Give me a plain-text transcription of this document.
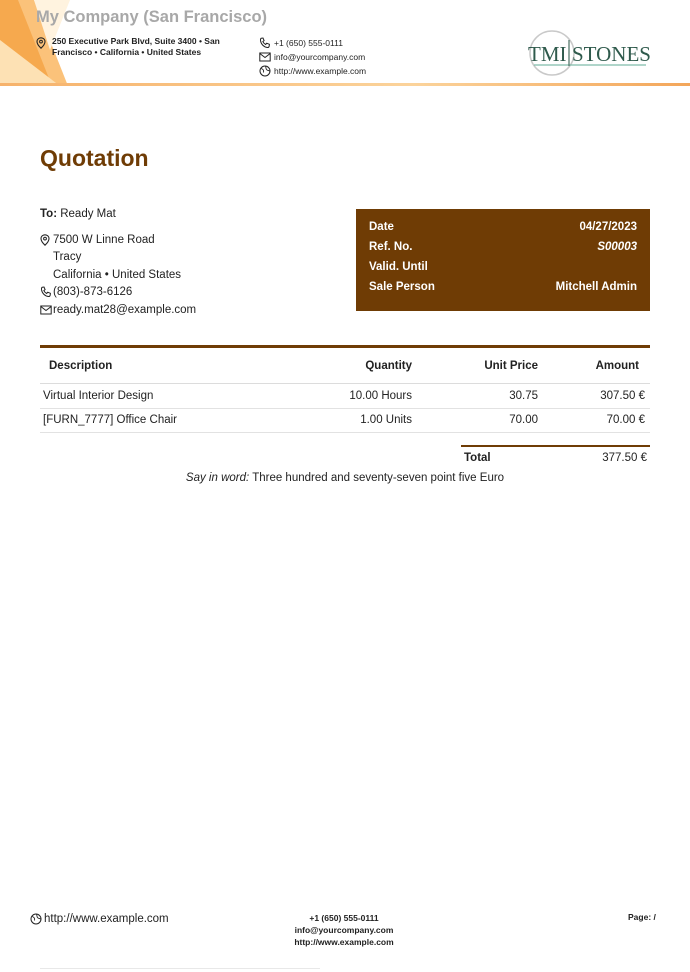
My Company (San Francisco)
250 Executive Park Blvd, Suite 3400 • San Francisco • California • United States
+1 (650) 555-0111
info@yourcompany.com
http://www.example.com
TMI STONES
Quotation
To: Ready Mat
7500 W Linne Road
Tracy
California • United States
(803)-873-6126
ready.mat28@example.com
Date	04/27/2023
Ref. No.	S00003
Valid. Until
Sale Person	Mitchell Admin
Description	Quantity	Unit Price	Amount
Virtual Interior Design	10.00 Hours	30.75	307.50 €
[FURN_7777] Office Chair	1.00 Units	70.00	70.00 €
Total	377.50 €
Say in word: Three hundred and seventy-seven point five Euro
http://www.example.com	+1 (650) 555-0111
info@yourcompany.com
http://www.example.com
Page: /
